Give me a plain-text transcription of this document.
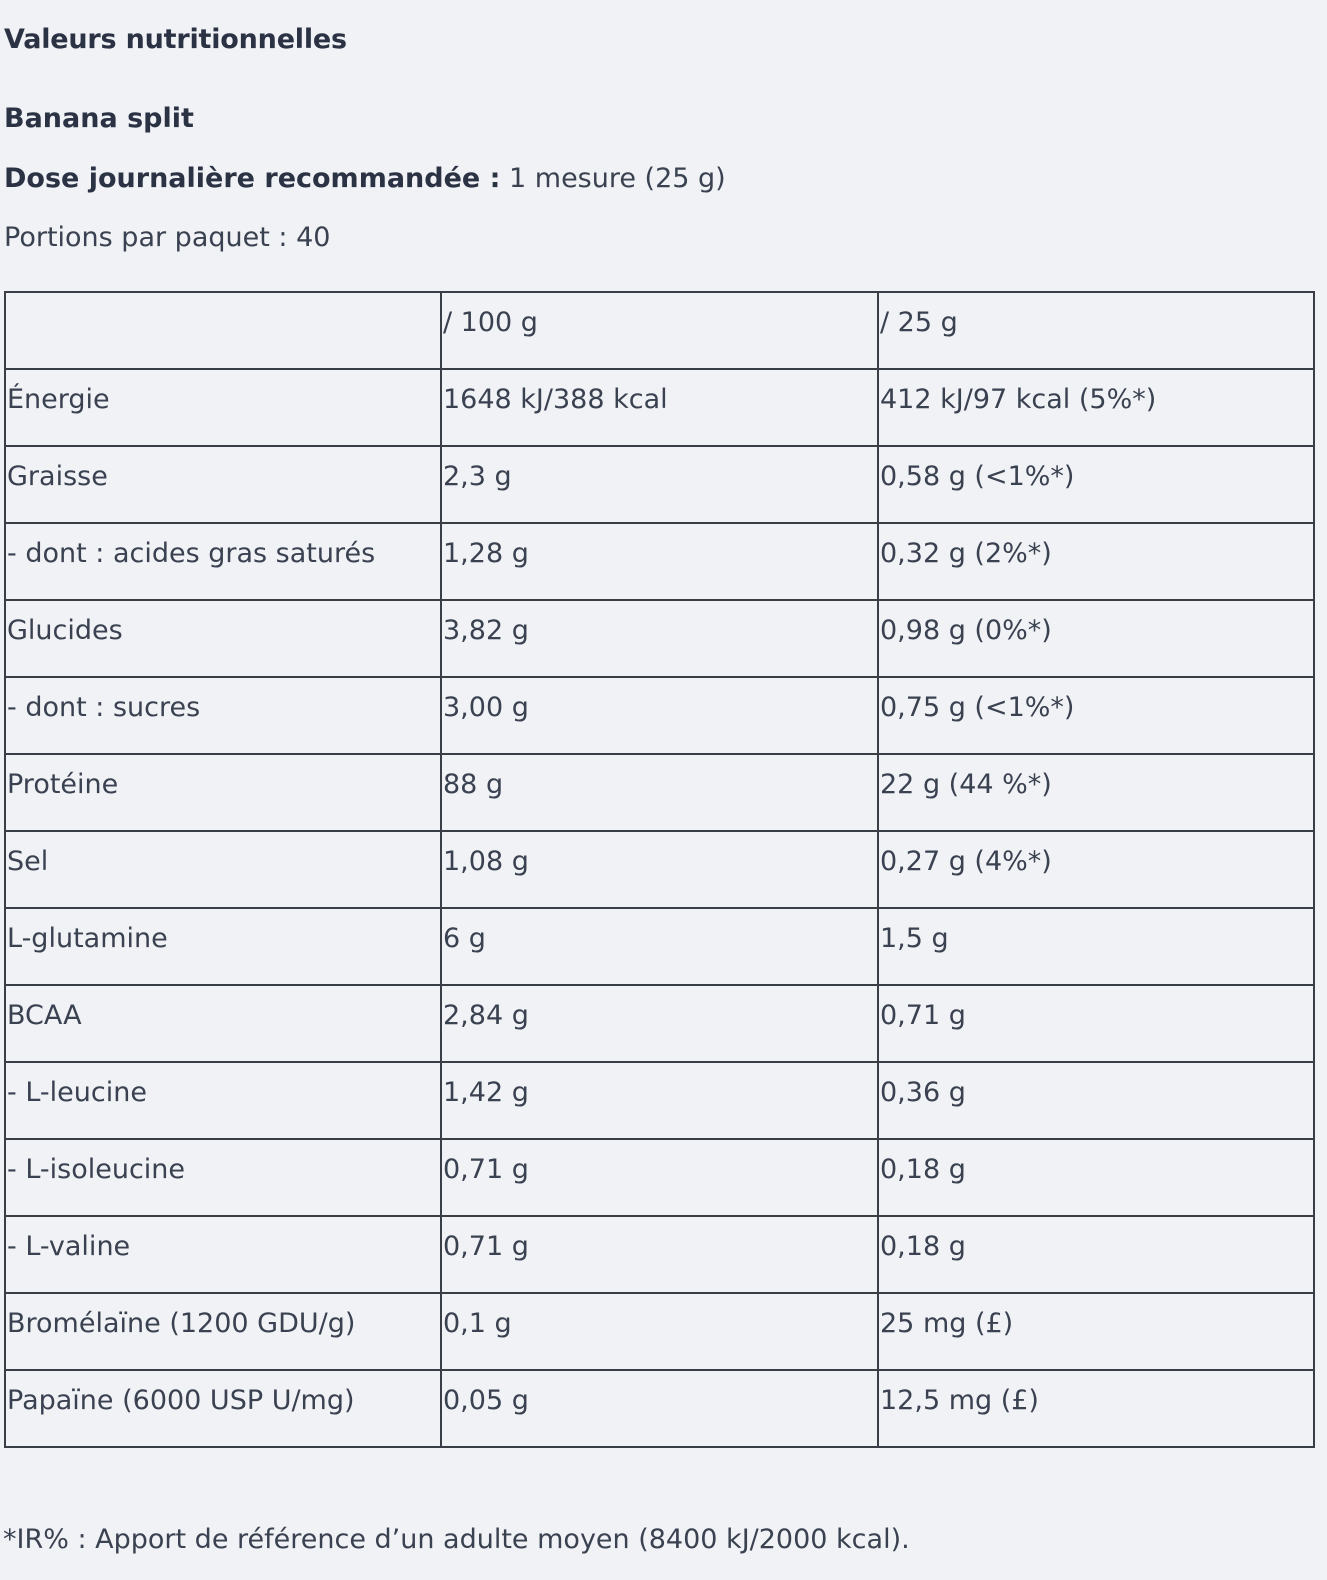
Valeurs nutritionnelles
Banana split
Dose journalière recommandée : 1 mesure (25 g)
Portions par paquet : 40
	/ 100 g	/ 25 g
Énergie	1648 kJ/388 kcal	412 kJ/97 kcal (5%*)
Graisse	2,3 g	0,58 g (<1%*)
- dont : acides gras saturés	1,28 g	0,32 g (2%*)
Glucides	3,82 g	0,98 g (0%*)
- dont : sucres	3,00 g	0,75 g (<1%*)
Protéine	88 g	22 g (44 %*)
Sel	1,08 g	0,27 g (4%*)
L-glutamine	6 g	1,5 g
BCAA	2,84 g	0,71 g
- L-leucine	1,42 g	0,36 g
- L-isoleucine	0,71 g	0,18 g
- L-valine	0,71 g	0,18 g
Bromélaïne (1200 GDU/g)	0,1 g	25 mg (£)
Papaïne (6000 USP U/mg)	0,05 g	12,5 mg (£)
*IR% : Apport de référence d’un adulte moyen (8400 kJ/2000 kcal).
